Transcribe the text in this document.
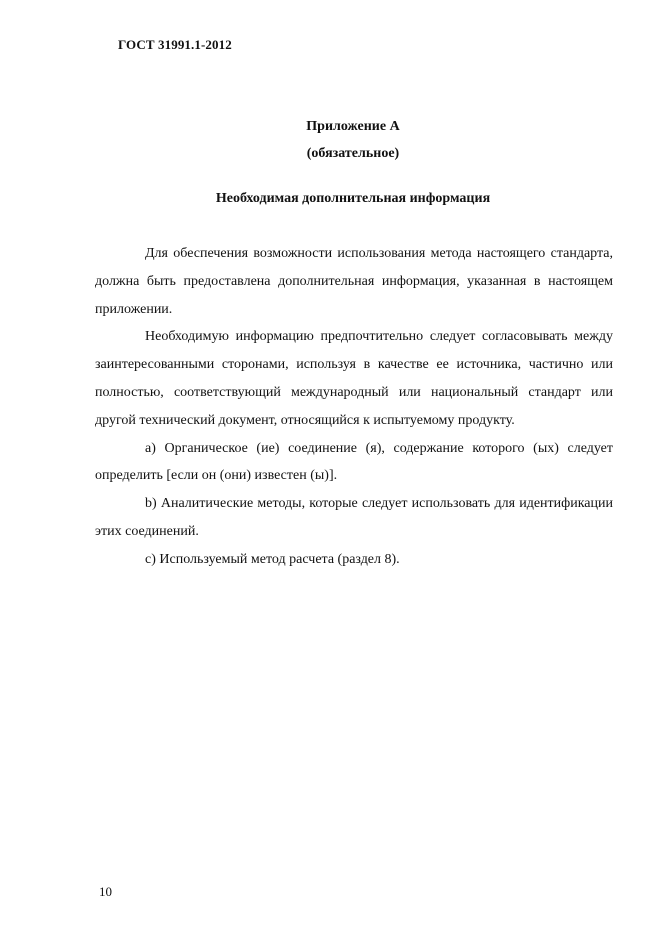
ГОСТ 31991.1-2012
Приложение А
(обязательное)
Необходимая дополнительная информация

Для обеспечения возможности использования метода настоящего стандарта, должна быть предоставлена дополнительная информация, указанная в настоящем приложении.

Необходимую информацию предпочтительно следует согласовывать между заинтересованными сторонами, используя в качестве ее источника, частично или полностью, соответствующий международный или национальный стандарт или другой технический документ, относящийся к испытуемому продукту.

а) Органическое (ие) соединение (я), содержание которого (ых) следует определить [если он (они) известен (ы)].

b) Аналитические методы, которые следует использовать для идентификации этих соединений.

с) Используемый метод расчета (раздел 8).

10
